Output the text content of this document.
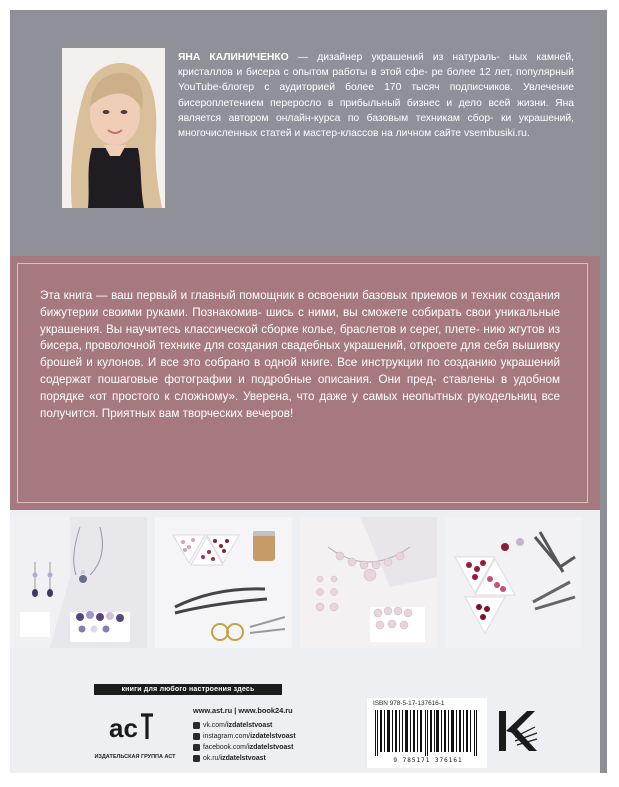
ЯНА КАЛИНИЧЕНКО — дизайнер украшений из натураль- ных камней, кристаллов и бисера с опытом работы в этой сфе- ре более 12 лет, популярный YouTube-блогер с аудиторией более 170 тысяч подписчиков. Увлечение бисероплетением переросло в прибыльный бизнес и дело всей жизни. Яна является автором онлайн-курса по базовым техникам сбор- ки украшений, многочисленных статей и мастер-классов на личном сайте vsembusiki.ru.

Эта книга — ваш первый и главный помощник в освоении базовых приемов и техник создания бижутерии своими руками. Познакомив- шись с ними, вы сможете собирать свои уникальные украшения. Вы научитесь классической сборке колье, браслетов и серег, плете- нию жгутов из бисера, проволочной технике для создания свадебных украшений, откроете для себя вышивку брошей и кулонов. И все это собрано в одной книге. Все инструкции по созданию украшений содержат пошаговые фотографии и подробные описания. Они пред- ставлены в удобном порядке «от простого к сложному». Уверена, что даже у самых неопытных рукодельниц все получится. Приятных вам творческих вечеров!

книги для любого настроения здесь
ас
ИЗДАТЕЛЬСКАЯ ГРУППА АСТ
www.ast.ru | www.book24.ru
vk.com/ izdatelstvoast
instagram.com/ izdatelstvoast
facebook.com/ izdatelstvoast
ok.ru/ izdatelstvoast
ISBN 978-5-17-137616-1
9 785171 376161
